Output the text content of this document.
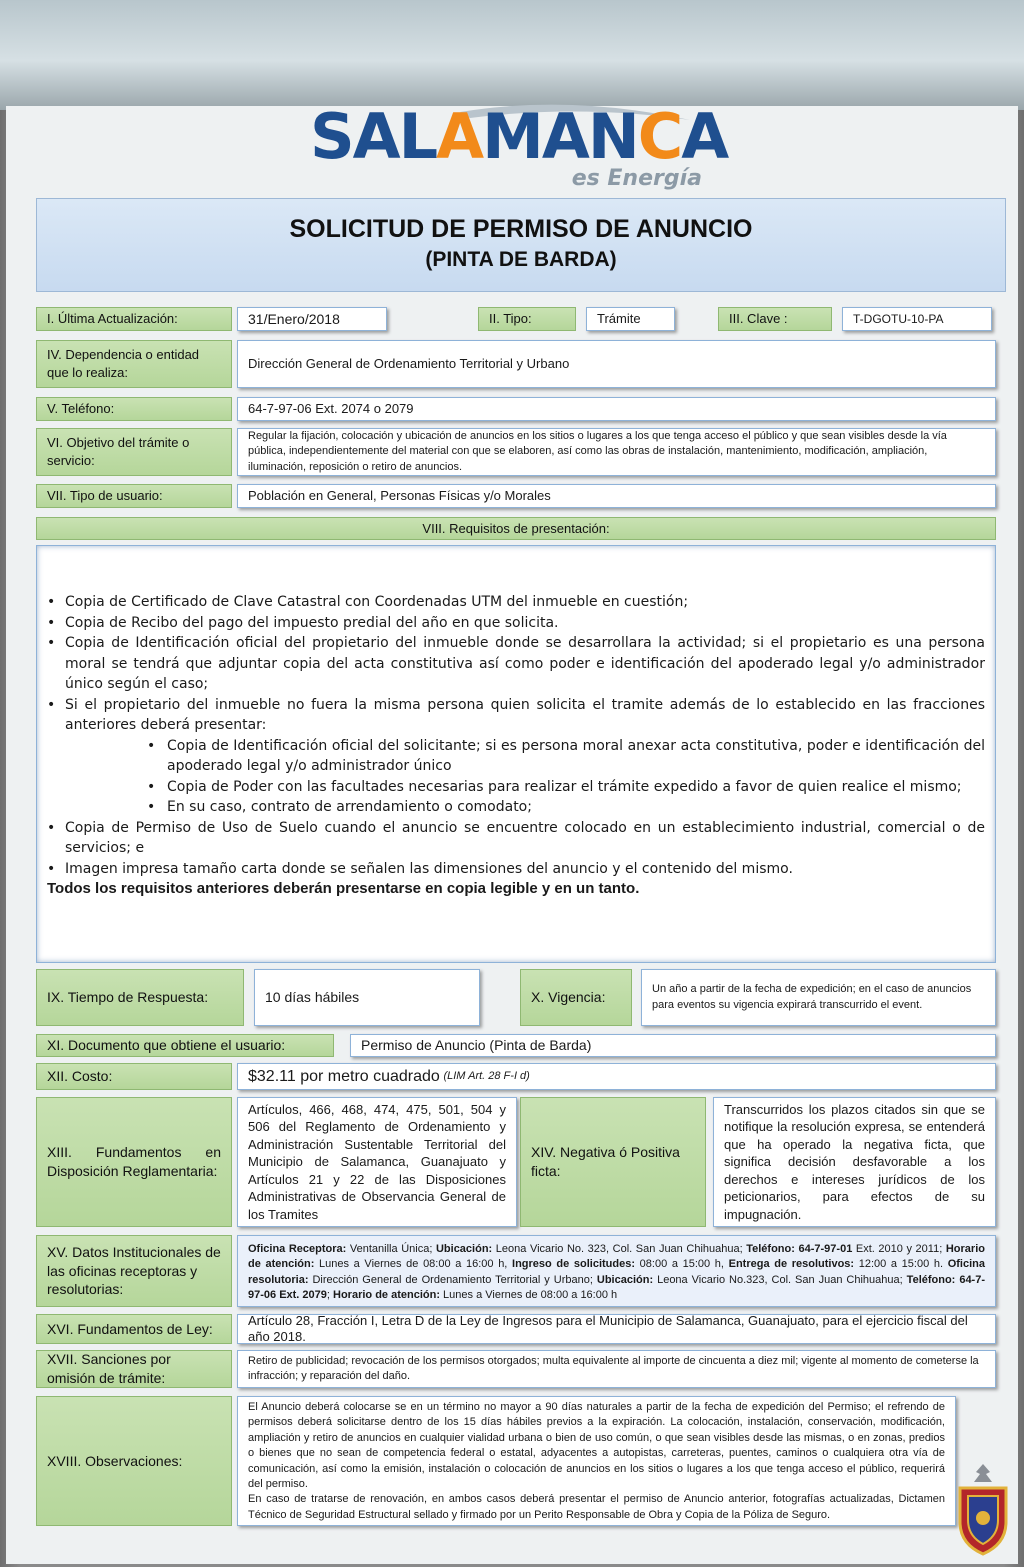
SALAMANCA
es Energía
SOLICITUD DE PERMISO DE ANUNCIO
(PINTA DE BARDA)
I. Última Actualización:	31/Enero/2018	II. Tipo:	Trámite	III. Clave :	T-DGOTU-10-PA
IV. Dependencia o entidad que lo realiza:
Dirección General de Ordenamiento Territorial y Urbano
V. Teléfono:	64-7-97-06 Ext. 2074 o 2079
VI. Objetivo del trámite o servicio:
Regular la fijación, colocación y ubicación de anuncios en los sitios o lugares a los que tenga acceso el público y que sean visibles desde la vía pública, independientemente del material con que se elaboren, así como las obras de instalación, mantenimiento, modificación, ampliación, iluminación, reposición o retiro de anuncios.
VII. Tipo de usuario:	Población en General, Personas Físicas y/o Morales
VIII. Requisitos de presentación:
• Copia de Certificado de Clave Catastral con Coordenadas UTM del inmueble en cuestión;
• Copia de Recibo del pago del impuesto predial del año en que solicita.
• Copia de Identificación oficial del propietario del inmueble donde se desarrollara la actividad; si el propietario es una persona moral se tendrá que adjuntar copia del acta constitutiva así como poder e identificación del apoderado legal y/o administrador único según el caso;
• Si el propietario del inmueble no fuera la misma persona quien solicita el tramite además de lo establecido en las fracciones anteriores deberá presentar:
• Copia de Identificación oficial del solicitante; si es persona moral anexar acta constitutiva, poder e identificación del apoderado legal y/o administrador único
• Copia de Poder con las facultades necesarias para realizar el trámite expedido a favor de quien realice el mismo;
• En su caso, contrato de arrendamiento o comodato;
• Copia de Permiso de Uso de Suelo cuando el anuncio se encuentre colocado en un establecimiento industrial, comercial o de servicios; e
• Imagen impresa tamaño carta donde se señalen las dimensiones del anuncio y el contenido del mismo.
Todos los requisitos anteriores deberán presentarse en copia legible y en un tanto.
IX. Tiempo de Respuesta:	10 días hábiles	X. Vigencia:	Un año a partir de la fecha de expedición; en el caso de anuncios para eventos su vigencia expirará transcurrido el event.
XI. Documento que obtiene el usuario:	Permiso de Anuncio (Pinta de Barda)
XII. Costo:	$32.11 por metro cuadrado
(LIM Art. 28 F-I d)
XIII. Fundamentos en Disposición Reglamentaria:
Artículos, 466, 468, 474, 475, 501, 504 y 506 del Reglamento de Ordenamiento y Administración Sustentable Territorial del Municipio de Salamanca, Guanajuato y Artículos 21 y 22 de las Disposiciones Administrativas de Observancia General de los Tramites
XIV. Negativa ó Positiva ficta:
Transcurridos los plazos citados sin que se notifique la resolución expresa, se entenderá que ha operado la negativa ficta, que significa decisión desfavorable a los derechos e intereses jurídicos de los peticionarios, para efectos de su impugnación.
XV. Datos Institucionales de las oficinas receptoras y resolutorias:
Oficina Receptora: Ventanilla Única; Ubicación: Leona Vicario No. 323, Col. San Juan Chihuahua; Teléfono: 64-7-97-01 Ext. 2010 y 2011; Horario de atención: Lunes a Viernes de 08:00 a 16:00 h, Ingreso de solicitudes: 08:00 a 15:00 h, Entrega de resolutivos: 12:00 a 15:00 h. Oficina resolutoria: Dirección General de Ordenamiento Territorial y Urbano; Ubicación: Leona Vicario No.323, Col. San Juan Chihuahua; Teléfono: 64-7-97-06 Ext. 2079; Horario de atención: Lunes a Viernes de 08:00 a 16:00 h
XVI. Fundamentos de Ley:	Artículo 28, Fracción I, Letra D de la Ley de Ingresos para el Municipio de Salamanca, Guanajuato, para el ejercicio fiscal del año 2018.
XVII. Sanciones por omisión de trámite:
Retiro de publicidad; revocación de los permisos otorgados; multa equivalente al importe de cincuenta a diez mil; vigente al momento de cometerse la infracción; y reparación del daño.
XVIII. Observaciones:
El Anuncio deberá colocarse se en un término no mayor a 90 días naturales a partir de la fecha de expedición del Permiso; el refrendo de permisos deberá solicitarse dentro de los 15 días hábiles previos a la expiración. La colocación, instalación, conservación, modificación, ampliación y retiro de anuncios en cualquier vialidad urbana o bien de uso común, o que sean visibles desde las mismas, o en zonas, predios o bienes que no sean de competencia federal o estatal, adyacentes a autopistas, carreteras, puentes, caminos o cualquiera otra vía de comunicación, así como la emisión, instalación o colocación de anuncios en los sitios o lugares a los que tenga acceso el público, requerirá del permiso.
En caso de tratarse de renovación, en ambos casos deberá presentar el permiso de Anuncio anterior, fotografías actualizadas, Dictamen Técnico de Seguridad Estructural sellado y firmado por un Perito Responsable de Obra y Copia de la Póliza de Seguro.
